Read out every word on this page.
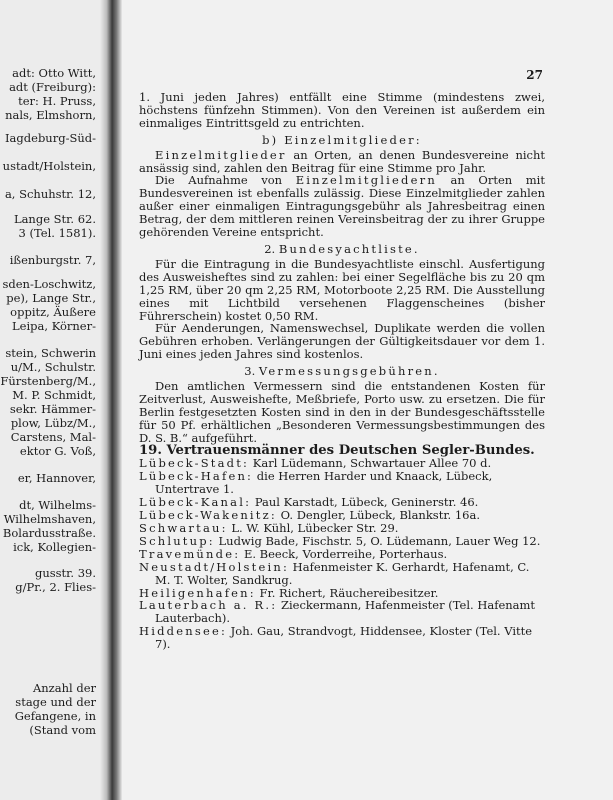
adt: Otto Witt,
adt (Freiburg):
ter: H. Pruss,
nals, Elmshorn,
Iagdeburg-Süd-
ustadt/Holstein,
a, Schuhstr. 12,
Lange Str. 62.
3 (Tel. 1581).
ißenburgstr. 7,
sden-Loschwitz,
pe), Lange Str.,
oppitz, Äußere
Leipa, Körner-
stein, Schwerin
u/M., Schulstr.
Fürstenberg/M.,
M. P. Schmidt,
sekr. Hämmer-
plow, Lübz/M.,
Carstens, Mal-
ektor G. Voß,
er, Hannover,
dt, Wilhelms-
Wilhelmshaven,
Bolardusstraße.
ick, Kollegien-
gusstr. 39.
g/Pr., 2. Flies-
Anzahl der
stage und der
Gefangene, in
(Stand vom
27

1. Juni jeden Jahres) entfällt eine Stimme (mindestens zwei, höchstens fünfzehn Stimmen). Von den Vereinen ist außerdem ein einmaliges Eintrittsgeld zu entrichten.

b) Einzelmitglieder:

Einzelmitglieder an Orten, an denen Bundesvereine nicht ansässig sind, zahlen den Beitrag für eine Stimme pro Jahr.

Die Aufnahme von Einzelmitgliedern an Orten mit Bundesvereinen ist ebenfalls zulässig. Diese Einzelmitglieder zahlen außer einer einmaligen Eintragungsgebühr als Jahresbeitrag einen Betrag, der dem mittleren reinen Vereinsbeitrag der zu ihrer Gruppe gehörenden Vereine entspricht.

2. Bundesyachtliste.

Für die Eintragung in die Bundesyachtliste einschl. Ausfertigung des Ausweisheftes sind zu zahlen: bei einer Segelfläche bis zu 20 qm 1,25 RM, über 20 qm 2,25 RM, Motorboote 2,25 RM. Die Ausstellung eines mit Lichtbild versehenen Flaggenscheines (bisher Führerschein) kostet 0,50 RM.

Für Aenderungen, Namenswechsel, Duplikate werden die vollen Gebühren erhoben. Verlängerungen der Gültigkeitsdauer vor dem 1. Juni eines jeden Jahres sind kostenlos.

3. Vermessungsgebühren.

Den amtlichen Vermessern sind die entstandenen Kosten für Zeitverlust, Ausweishefte, Meßbriefe, Porto usw. zu ersetzen. Die für Berlin festgesetzten Kosten sind in den in der Bundesgeschäftsstelle für 50 Pf. erhältlichen „Besonderen Vermessungsbestimmungen des D. S. B.“ aufgeführt.

19. Vertrauensmänner des Deutschen Segler-Bundes.

Lübeck-Stadt: Karl Lüdemann, Schwartauer Allee 70 d.

Lübeck-Hafen: die Herren Harder und Knaack, Lübeck, Untertrave 1.

Lübeck-Kanal: Paul Karstadt, Lübeck, Geninerstr. 46.

Lübeck-Wakenitz: O. Dengler, Lübeck, Blankstr. 16a.

Schwartau: L. W. Kühl, Lübecker Str. 29.

Schlutup: Ludwig Bade, Fischstr. 5, O. Lüdemann, Lauer Weg 12.

Travemünde: E. Beeck, Vorderreihe, Porterhaus.

Neustadt/Holstein: Hafenmeister K. Gerhardt, Hafenamt, C. M. T. Wolter, Sandkrug.

Heiligenhafen: Fr. Richert, Räuchereibesitzer.

Lauterbach a. R.: Zieckermann, Hafenmeister (Tel. Hafenamt Lauterbach).

Hiddensee: Joh. Gau, Strandvogt, Hiddensee, Kloster (Tel. Vitte 7).
